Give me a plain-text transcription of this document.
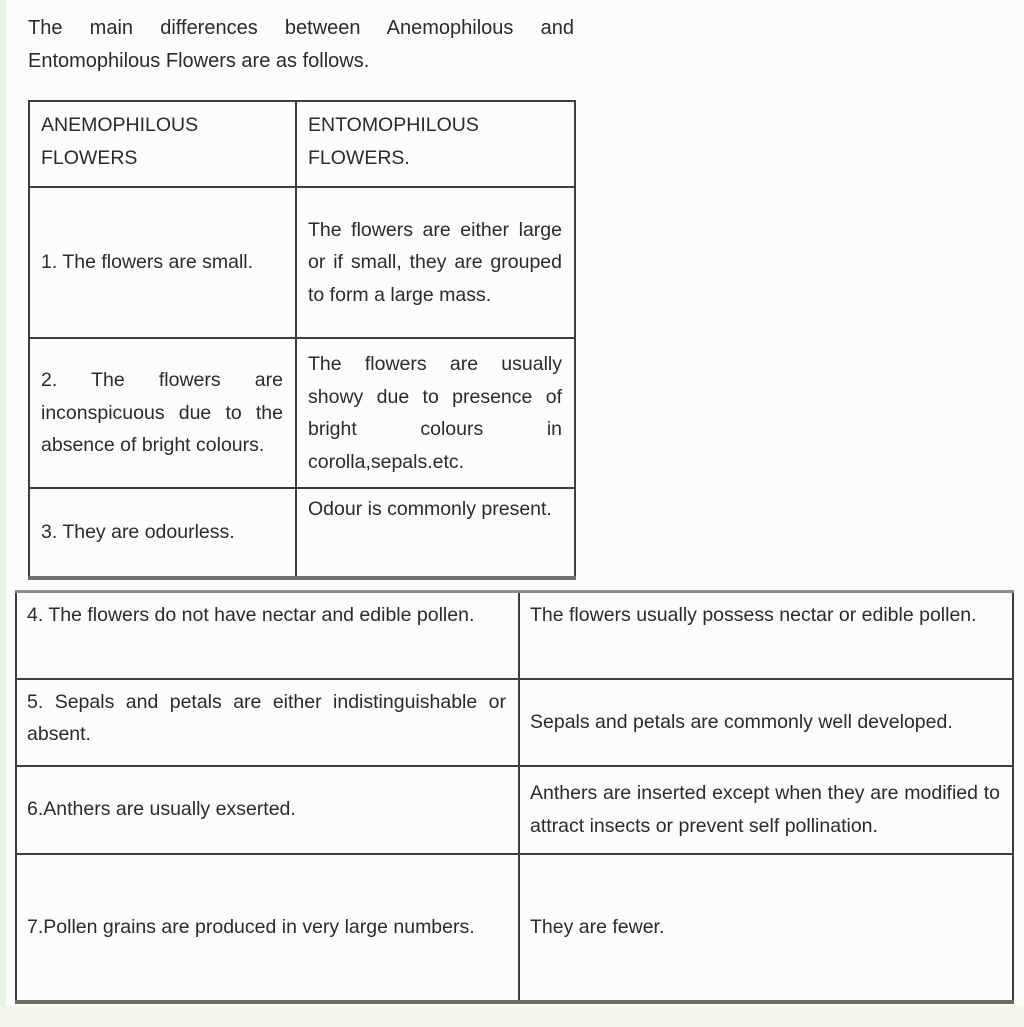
The main differences between Anemophilous and Entomophilous Flowers are as follows.

ANEMOPHILOUS FLOWERS	ENTOMOPHILOUS FLOWERS.
1. The flowers are small.	The flowers are either large or if small, they are grouped to form a large mass.
2. The flowers are inconspicuous due to the absence of bright colours.	The flowers are usually showy due to presence of bright colours in corolla,sepals.etc.
3. They are odourless.	Odour is commonly present.
4. The flowers do not have nectar and edible pollen.	The flowers usually possess nectar or edible pollen.
5. Sepals and petals are either indistinguishable or absent.	Sepals and petals are commonly well developed.
6.Anthers are usually exserted.	Anthers are inserted except when they are modified to attract insects or prevent self pollination.
7.Pollen grains are produced in very large numbers.	They are fewer.
